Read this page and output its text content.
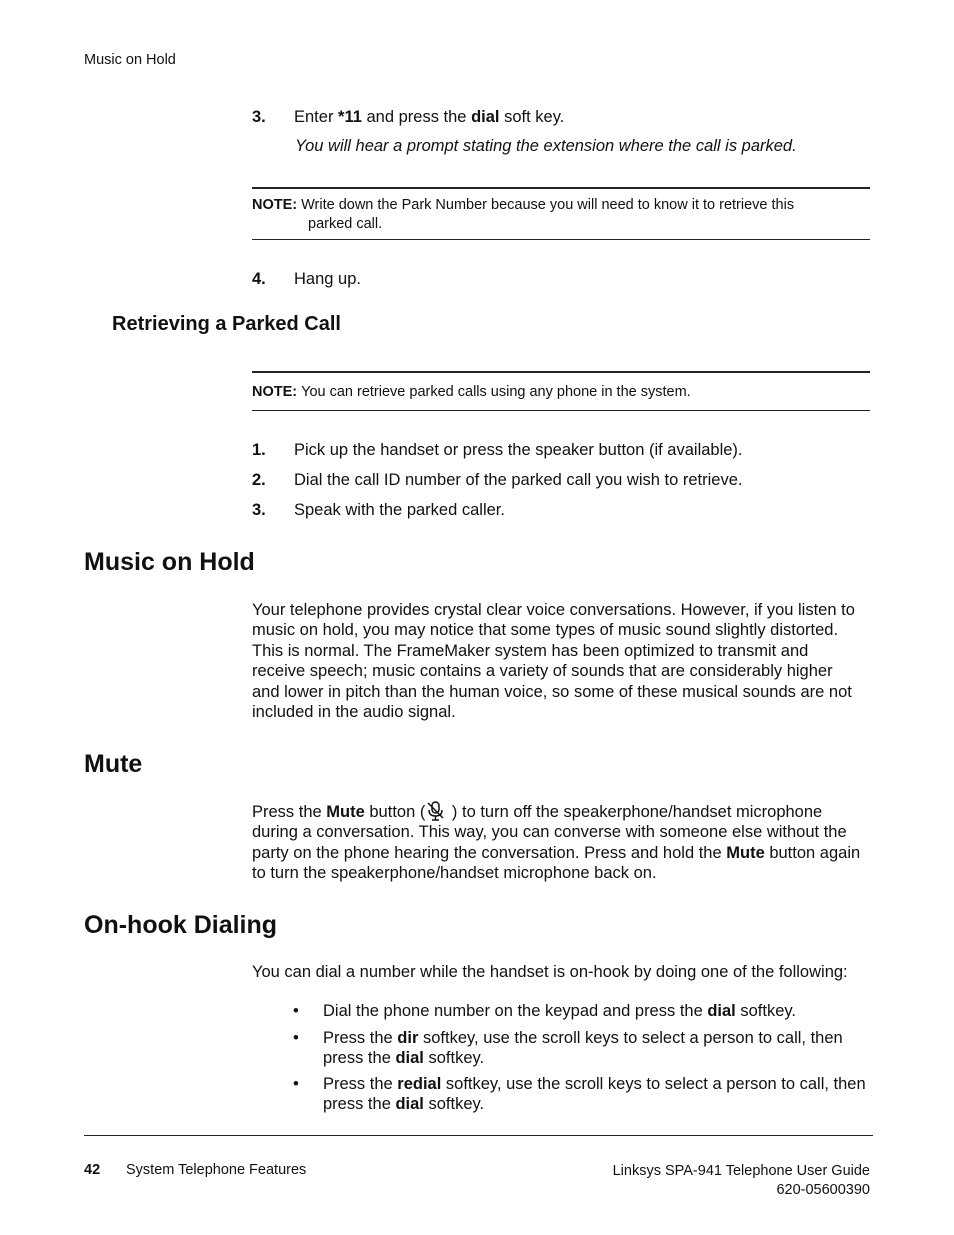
Music on Hold
3. Enter *11 and press the dial soft key.
You will hear a prompt stating the extension where the call is parked.
NOTE: Write down the Park Number because you will need to know it to retrieve this
parked call.
4. Hang up.
Retrieving a Parked Call
NOTE: You can retrieve parked calls using any phone in the system.
1. Pick up the handset or press the speaker button (if available).
2. Dial the call ID number of the parked call you wish to retrieve.
3. Speak with the parked caller.
Music on Hold
Your telephone provides crystal clear voice conversations. However, if you listen to
music on hold, you may notice that some types of music sound slightly distorted.
This is normal. The FrameMaker system has been optimized to transmit and
receive speech; music contains a variety of sounds that are considerably higher
and lower in pitch than the human voice, so some of these musical sounds are not
included in the audio signal.
Mute
Press the Mute button ( ) to turn off the speakerphone/handset microphone
during a conversation. This way, you can converse with someone else without the
party on the phone hearing the conversation. Press and hold the Mute button again
to turn the speakerphone/handset microphone back on.
On-hook Dialing
You can dial a number while the handset is on-hook by doing one of the following:
• Dial the phone number on the keypad and press the dial softkey.
• Press the dir softkey, use the scroll keys to select a person to call, then
press the dial softkey.
• Press the redial softkey, use the scroll keys to select a person to call, then
press the dial softkey.
42 System Telephone Features	Linksys SPA-941 Telephone User Guide
620-05600390
